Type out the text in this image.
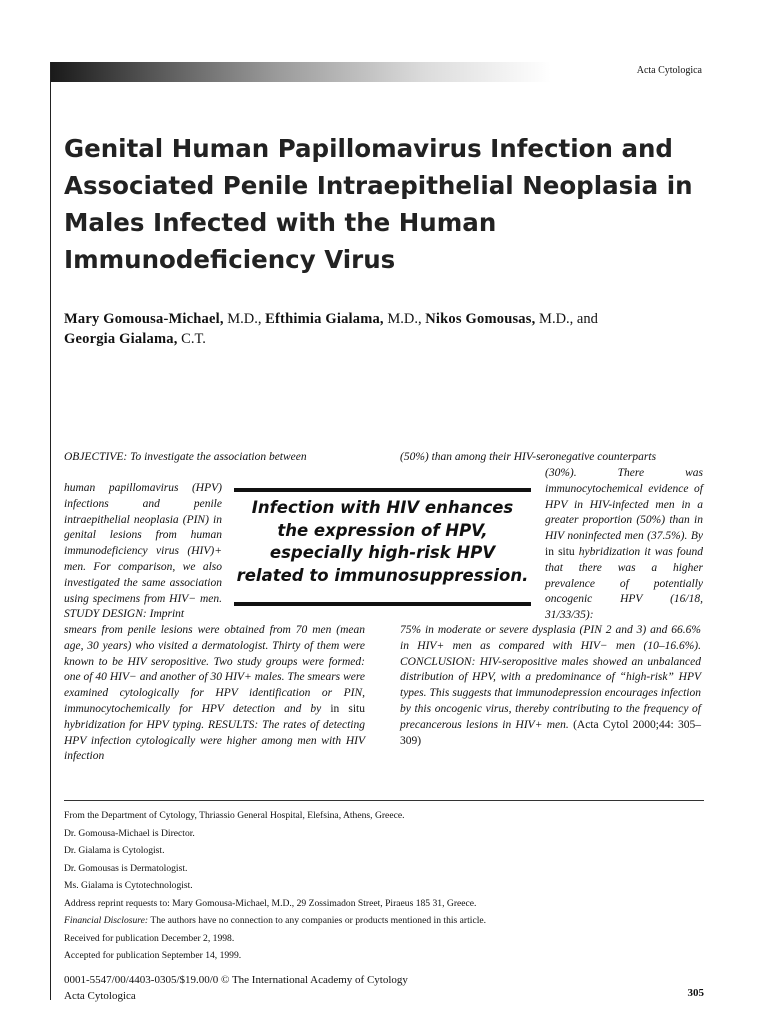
Acta Cytologica
Genital Human Papillomavirus Infection and Associated Penile Intraepithelial Neoplasia in Males Infected with the Human Immunodeficiency Virus
Mary Gomousa-Michael, M.D., Efthimia Gialama, M.D., Nikos Gomousas, M.D., and
Georgia Gialama, C.T.

OBJECTIVE: To investigate the association between

human papillomavirus (HPV) infections and penile intraepithelial neoplasia (PIN) in genital lesions from human immunodeficiency virus (HIV)+ men. For comparison, we also investigated the same association using specimens from HIV− men. STUDY DESIGN: Imprint

smears from penile lesions were obtained from 70 men (mean age, 30 years) who visited a dermatologist. Thirty of them were known to be HIV seropositive. Two study groups were formed: one of 40 HIV− and another of 30 HIV+ males. The smears were examined cytologically for HPV identification or PIN, immunocytochemically for HPV detection and by in situ hybridization for HPV typing. RESULTS: The rates of detecting HPV infection cytologically were higher among men with HIV infection

(50%) than among their HIV-seronegative counterparts

(30%). There was immunocytochemical evidence of HPV in HIV-infected men in a greater proportion (50%) than in HIV noninfected men (37.5%). By in situ hybridization it was found that there was a higher prevalence of potentially oncogenic HPV (16/18, 31/33/35):

75% in moderate or severe dysplasia (PIN 2 and 3) and 66.6% in HIV+ men as compared with HIV− men (10–16.6%). CONCLUSION: HIV-seropositive males showed an unbalanced distribution of HPV, with a predominance of “high-risk” HPV types. This suggests that immunodepression encourages infection by this oncogenic virus, thereby contributing to the frequency of precancerous lesions in HIV+ men. (Acta Cytol 2000;44: 305–309)

Infection with HIV enhances the expression of HPV, especially high-risk HPV related to immunosuppression.

From the Department of Cytology, Thriassio General Hospital, Elefsina, Athens, Greece.
Dr. Gomousa-Michael is Director.
Dr. Gialama is Cytologist.
Dr. Gomousas is Dermatologist.
Ms. Gialama is Cytotechnologist.
Address reprint requests to: Mary Gomousa-Michael, M.D., 29 Zossimadon Street, Piraeus 185 31, Greece.
Financial Disclosure: The authors have no connection to any companies or products mentioned in this article.
Received for publication December 2, 1998.
Accepted for publication September 14, 1999.
0001-5547/00/4403-0305/$19.00/0 © The International Academy of Cytology
Acta Cytologica	305
